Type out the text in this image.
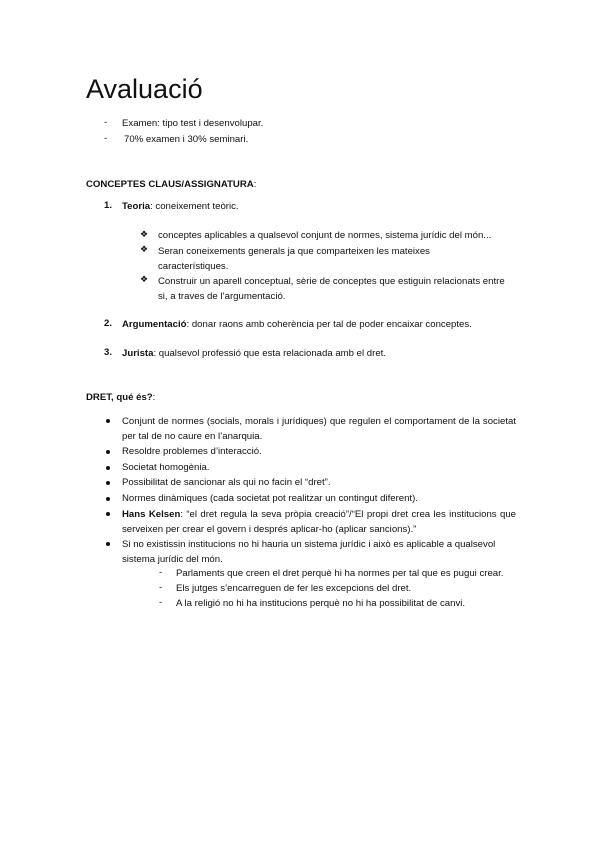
Avaluació
- Examen: tipo test i desenvolupar.
- 70% examen i 30% seminari.
CONCEPTES CLAUS/ASSIGNATURA:
1. Teoria: coneixement teòric.
❖ conceptes aplicables a qualsevol conjunt de normes, sistema jurídic del món...
❖ Seran coneixements generals ja que comparteixen les mateixes característiques.
❖ Construir un aparell conceptual, sèrie de conceptes que estiguin relacionats entre si, a traves de l’argumentació.
2. Argumentació: donar raons amb coherència per tal de poder encaixar conceptes.
3. Jurista: qualsevol professió que esta relacionada amb el dret.
DRET, qué és?:
Conjunt de normes (socials, morals i jurídiques) que regulen el comportament de la societat per tal de no caure en l’anarquia.
Resoldre problemes d’interacció.
Societat homogènia.
Possibilitat de sancionar als qui no facin el “dret”.
Normes dinàmiques (cada societat pot realitzar un contingut diferent).
Hans Kelsen: “el dret regula la seva pròpia creació”/“El propi dret crea les institucions que serveixen per crear el govern i després aplicar-ho (aplicar sancions).”
Si no existissin institucions no hi hauria un sistema jurídic i això es aplicable a qualsevol sistema jurídic del món.
- Parlaments que creen el dret perquè hi ha normes per tal que es pugui crear.
- Els jutges s’encarreguen de fer les excepcions del dret.
- A la religió no hi ha institucions perquè no hi ha possibilitat de canvi.
